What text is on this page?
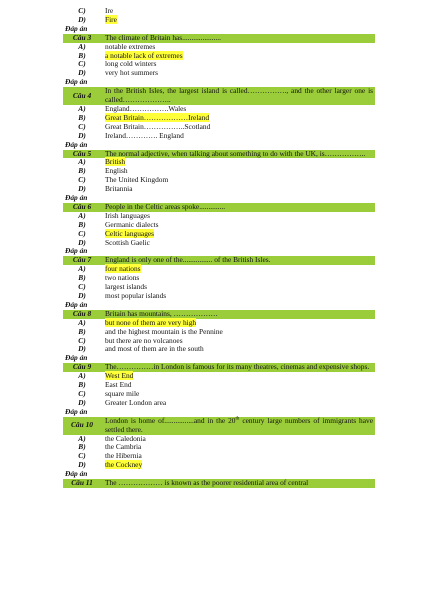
C)	Ire
D)	Fire
Đáp án	
Câu 3	The climate of Britain has.....................
A)	notable extremes
B)	a notable lack of extremes
C)	long cold winters
D)	very hot summers
Đáp án	
Câu 4	In the British Isles, the largest island is called……………., and the other larger one is called………………..
A)	England…………….Wales
B)	Great Britain………………Ireland
C)	Great Britain……………..Scotland
D)	Ireland…………. England
Đáp án	
Câu 5	The normal adjective, when talking about something to do with the UK, is……………..
A)	British
B)	English
C)	The United Kingdom
D)	Britannia
Đáp án	
Câu 6	People in the Celtic areas spoke..............
A)	Irish languages
B)	Germanic dialects
C)	Celtic languages
D)	Scottish Gaelic
Đáp án	
Câu 7	England is only one of the................ of the British Isles.
A)	four nations
B)	two nations
C)	largest islands
D)	most popular islands
Đáp án	
Câu 8	Britain has mountains, ………………
A)	but none of them are very high
B)	and the highest mountain is the Pennine
C)	but there are no volcanoes
D)	and most of them are in the south
Đáp án	
Câu 9	The……………in London is famous for its many theatres, cinemas and expensive shops.
A)	West End
B)	East End
C)	square mile
D)	Greater London area
Đáp án	
Câu 10	London is home of................and in the 20th century large numbers of immigrants have settled there.
A)	the Caledonia
B)	the Cambria
C)	the Hibernia
D)	the Cockney
Đáp án	
Câu 11	The ……………… is known as the poorer residential area of central
